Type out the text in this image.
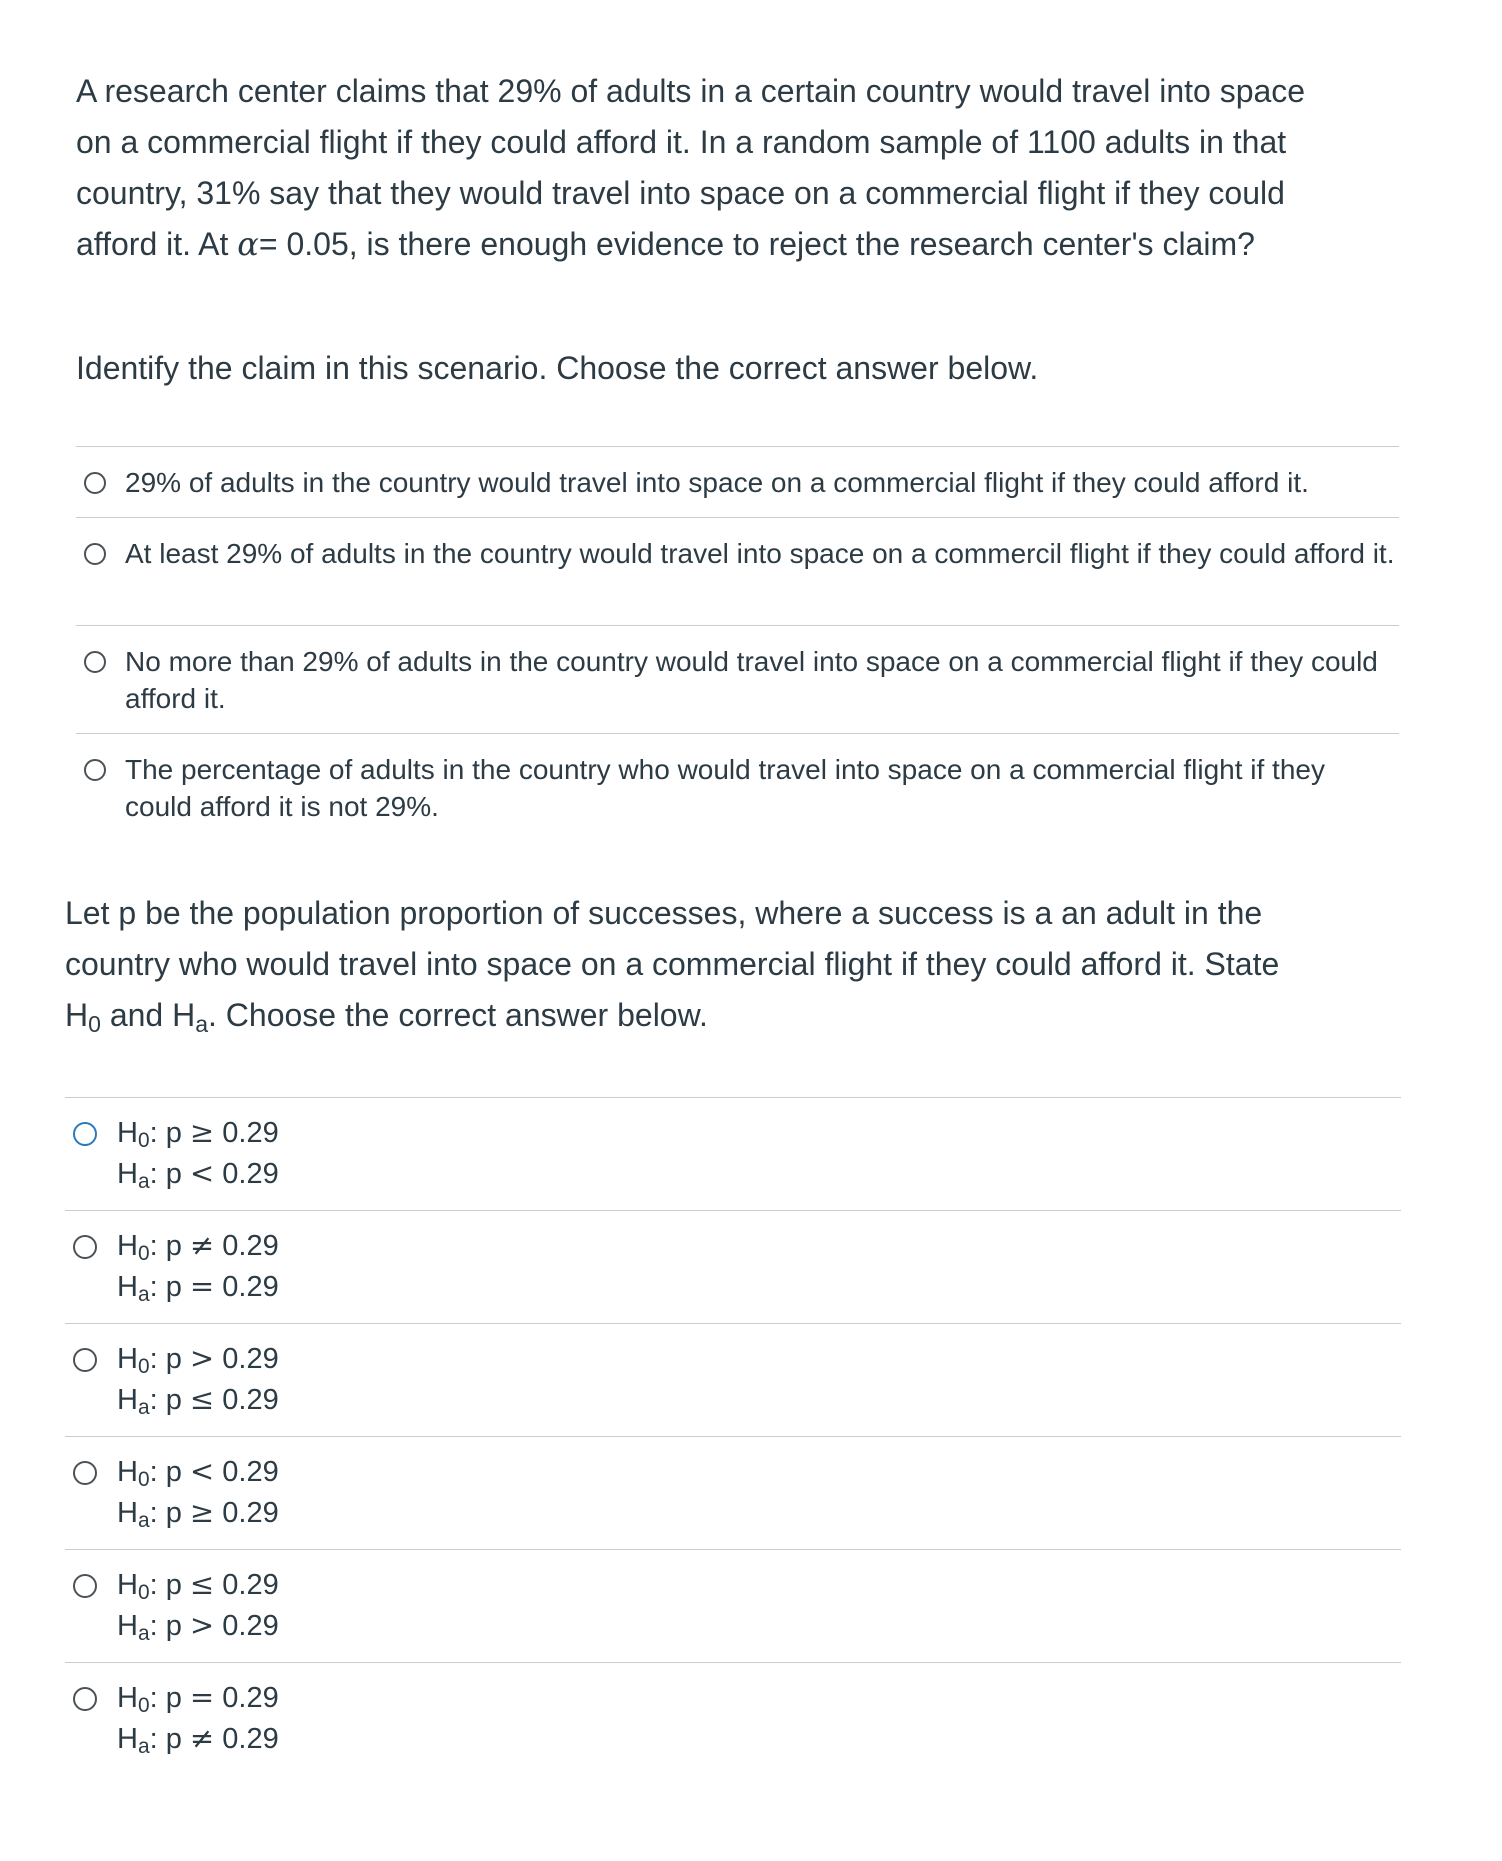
A research center claims that 29% of adults in a certain country would travel into space
on a commercial flight if they could afford it. In a random sample of 1100 adults in that
country, 31% say that they would travel into space on a commercial flight if they could
afford it. At α= 0.05, is there enough evidence to reject the research center's claim?
Identify the claim in this scenario. Choose the correct answer below.
29% of adults in the country would travel into space on a commercial flight if they could afford it.
At least 29% of adults in the country would travel into space on a commercil flight if they could afford it.
No more than 29% of adults in the country would travel into space on a commercial flight if they could afford it.
The percentage of adults in the country who would travel into space on a commercial flight if they could afford it is not 29%.
Let p be the population proportion of successes, where a success is a an adult in the
country who would travel into space on a commercial flight if they could afford it. State
$H_0$ and $H_a$. Choose the correct answer below.
$H_0$: p ≥ 0.29
$H_a$: p < 0.29
$H_0$: p ≠ 0.29
$H_a$: p = 0.29
$H_0$: p > 0.29
$H_a$: p ≤ 0.29
$H_0$: p < 0.29
$H_a$: p ≥ 0.29
$H_0$: p ≤ 0.29
$H_a$: p > 0.29
$H_0$: p = 0.29
$H_a$: p ≠ 0.29
